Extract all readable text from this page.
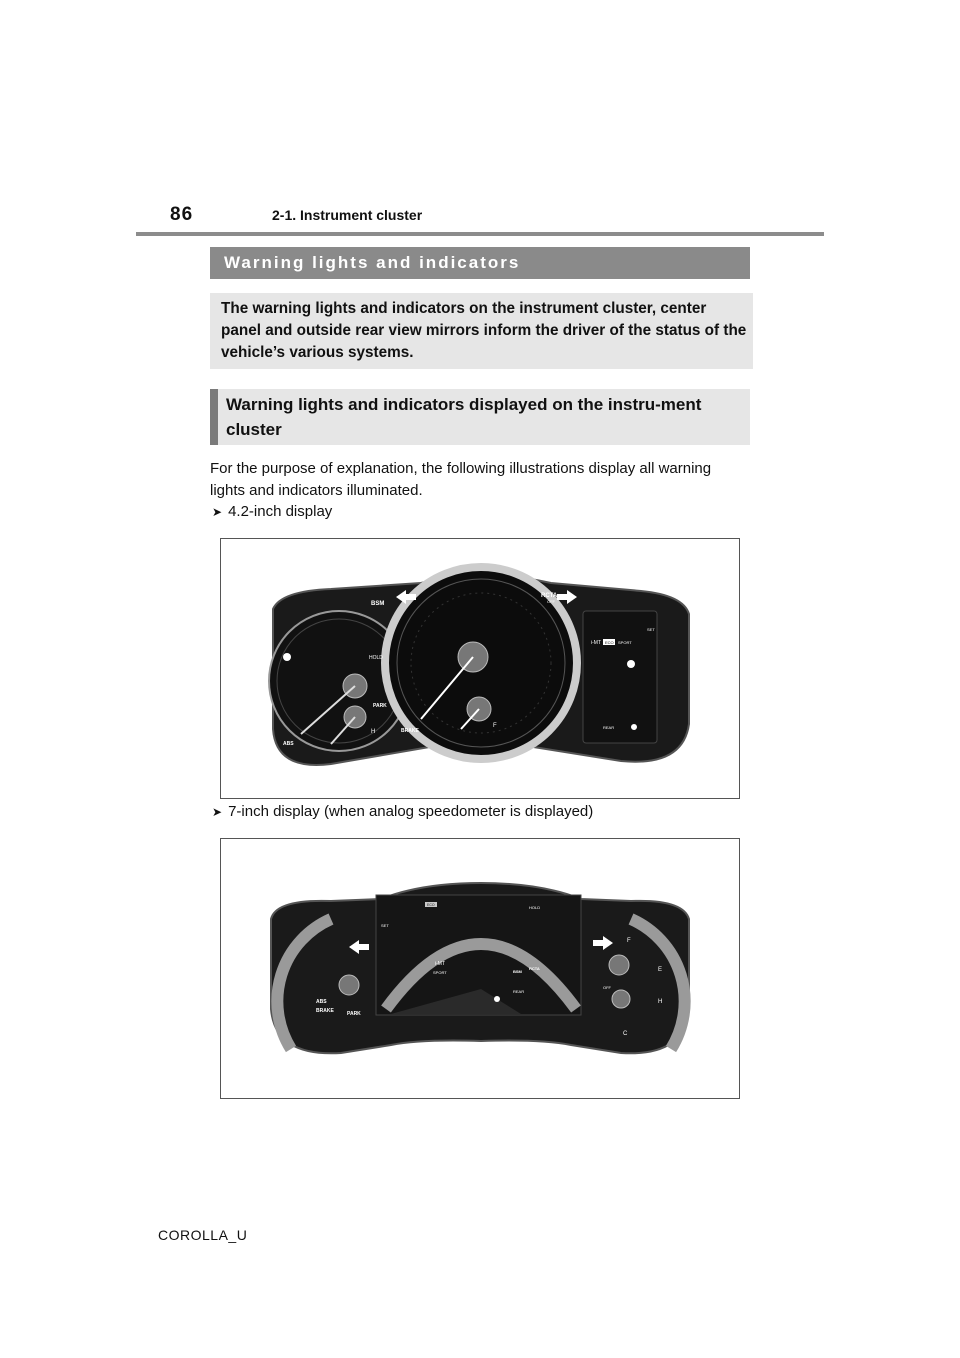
86	2-1. Instrument cluster
Warning lights and indicators

The warning lights and indicators on the instrument cluster, center panel and outside rear view mirrors inform the driver of the status of the vehicle’s various systems.

Warning lights and indicators displayed on the instru-ment cluster

For the purpose of explanation, the following illustrations display all warning lights and indicators illuminated.
➤ 4.2-inch display
BSM
RCTA
OFF
HOLD
PARK
BRAKE
ABS
H
F
i-MT ECO SPORT
SET
REAR
➤ 7-inch display (when analog speedometer is displayed)
ABS
BRAKE	PARK
i-MT
SPORT	BSM
RCTA
REAR
HOLD
SET
ECO
F
E
H
C
OFF
COROLLA_U
